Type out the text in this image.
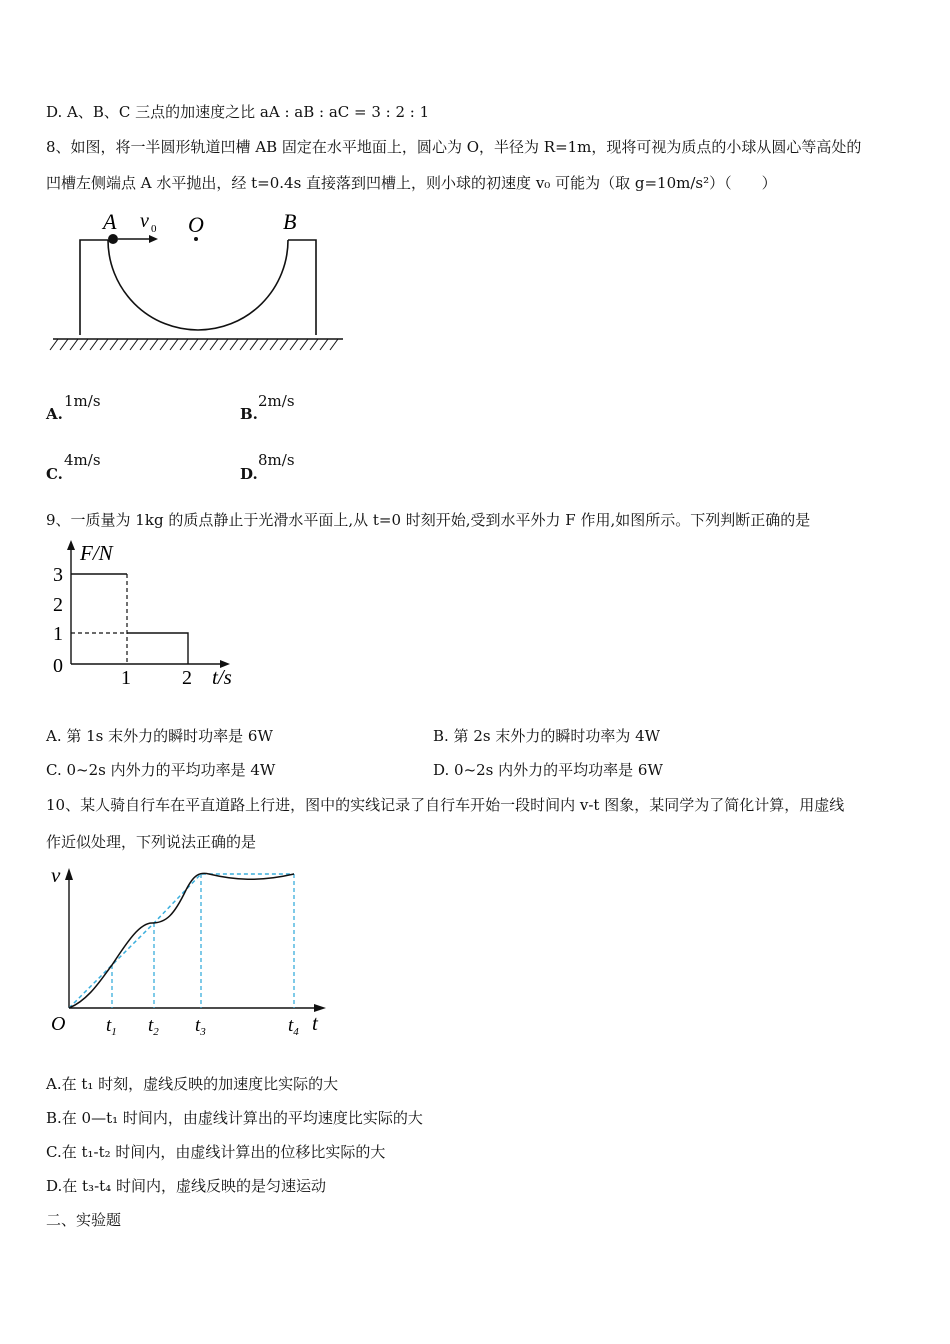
D. A、B、C 三点的加速度之比 aA : aB : aC = 3 : 2 : 1
8、如图，将一半圆形轨道凹槽 AB 固定在水平地面上，圆心为 O，半径为 R=1m，现将可视为质点的小球从圆心等高处的
凹槽左侧端点 A 水平抛出，经 t=0.4s 直接落到凹槽上，则小球的初速度 v₀ 可能为（取 g=10m/s²）（　　）
A v 0 O	B
A.
1m/s
B.
2m/s
C.
4m/s
D.
8m/s
9、一质量为 1kg 的质点静止于光滑水平面上,从 t=0 时刻开始,受到水平外力 F 作用,如图所示。下列判断正确的是
F/N
3
2
1
0
1	2 t/s
A. 第 1s 末外力的瞬时功率是 6W	B. 第 2s 末外力的瞬时功率为 4W
C. 0~2s 内外力的平均功率是 4W	D. 0~2s 内外力的平均功率是 6W
10、某人骑自行车在平直道路上行进，图中的实线记录了自行车开始一段时间内 v-t 图象，某同学为了简化计算，用虚线
作近似处理，下列说法正确的是
v
O $t_1$ $t_2$ $t_3$	$t_4$ t
A.在 t₁ 时刻，虚线反映的加速度比实际的大
B.在 0—t₁ 时间内，由虚线计算出的平均速度比实际的大
C.在 t₁-t₂ 时间内，由虚线计算出的位移比实际的大
D.在 t₃-t₄ 时间内，虚线反映的是匀速运动
二、实验题
